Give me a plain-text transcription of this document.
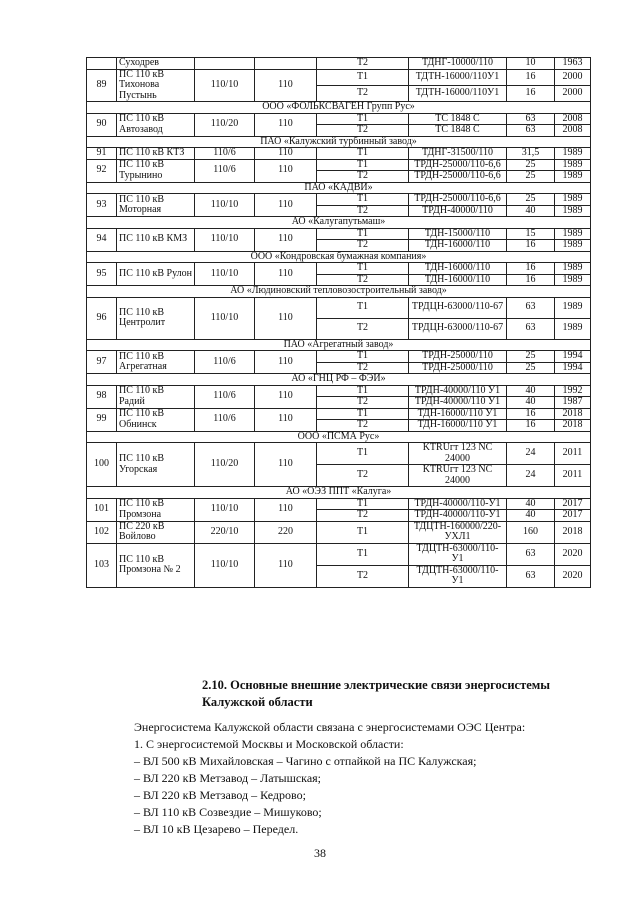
	Суходрев			Т2	ТДНГ-10000/110	10	1963
89	ПС 110 кВ Тихонова Пустынь	110/10	110	Т1	ТДТН-16000/110У1	16	2000
				Т2	ТДТН-16000/110У1	16	2000
ООО «ФОЛЬКСВАГЕН Групп Рус»							
90	ПС 110 кВ Автозавод	110/20	110	Т1	ТС 1848 С	63	2008
				Т2	ТС 1848 С	63	2008
ПАО «Калужский турбинный завод»							
91	ПС 110 кВ КТЗ	110/6	110	Т1	ТДНГ-31500/110	31,5	1989
92	ПС 110 кВ Турынино	110/6	110	Т1	ТРДН-25000/110-6,6	25	1989
				Т2	ТРДН-25000/110-6,6	25	1989
ПАО «КАДВИ»							
93	ПС 110 кВ Моторная	110/10	110	Т1	ТРДН-25000/110-6,6	25	1989
				Т2	ТРДН-40000/110	40	1989
АО «Калугапутьмаш»							
94	ПС 110 кВ КМЗ	110/10	110	Т1	ТДН-15000/110	15	1989
				Т2	ТДН-16000/110	16	1989
ООО «Кондровская бумажная компания»							
95	ПС 110 кВ Рулон	110/10	110	Т1	ТДН-16000/110	16	1989
				Т2	ТДН-16000/110	16	1989
АО «Людиновский тепловозостроительный завод»							
96	ПС 110 кВ Центролит	110/10	110	Т1	ТРДЦН-63000/110-67	63	1989
				Т2	ТРДЦН-63000/110-67	63	1989
ПАО «Агрегатный завод»							
97	ПС 110 кВ Агрегатная	110/6	110	Т1	ТРДН-25000/110	25	1994
				Т2	ТРДН-25000/110	25	1994
АО «ГНЦ РФ – ФЭИ»							
98	ПС 110 кВ Радий	110/6	110	Т1	ТРДН-40000/110 У1	40	1992
				Т2	ТРДН-40000/110 У1	40	1987
99	ПС 110 кВ Обнинск	110/6	110	Т1	ТДН-16000/110 У1	16	2018
				Т2	ТДН-16000/110 У1	16	2018
ООО «ПСМА Рус»							
100	ПС 110 кВ Угорская	110/20	110	Т1	KTRUгт 123 NC 24000	24	2011
				Т2	KTRUгт 123 NC 24000	24	2011
АО «ОЭЗ ППТ «Калуга»							
101	ПС 110 кВ Промзона	110/10	110	Т1	ТРДН-40000/110-У1	40	2017
				Т2	ТРДН-40000/110-У1	40	2017
102	ПС 220 кВ Войлово	220/10	220	Т1	ТДЦТН-160000/220-УХЛ1	160	2018
103	ПС 110 кВ Промзона № 2	110/10	110	Т1	ТДЦТН-63000/110-У1	63	2020
				Т2	ТДЦТН-63000/110-У1	63	2020
2.10. Основные внешние электрические связи энергосистемы Калужской области

Энергосистема Калужской области связана с энергосистемами ОЭС Центра:

1. С энергосистемой Москвы и Московской области:

– ВЛ 500 кВ Михайловская – Чагино с отпайкой на ПС Калужская;

– ВЛ 220 кВ Метзавод – Латышская;

– ВЛ 220 кВ Метзавод – Кедрово;

– ВЛ 110 кВ Созвездие – Мишуково;

– ВЛ 10 кВ Цезарево – Передел.

38
